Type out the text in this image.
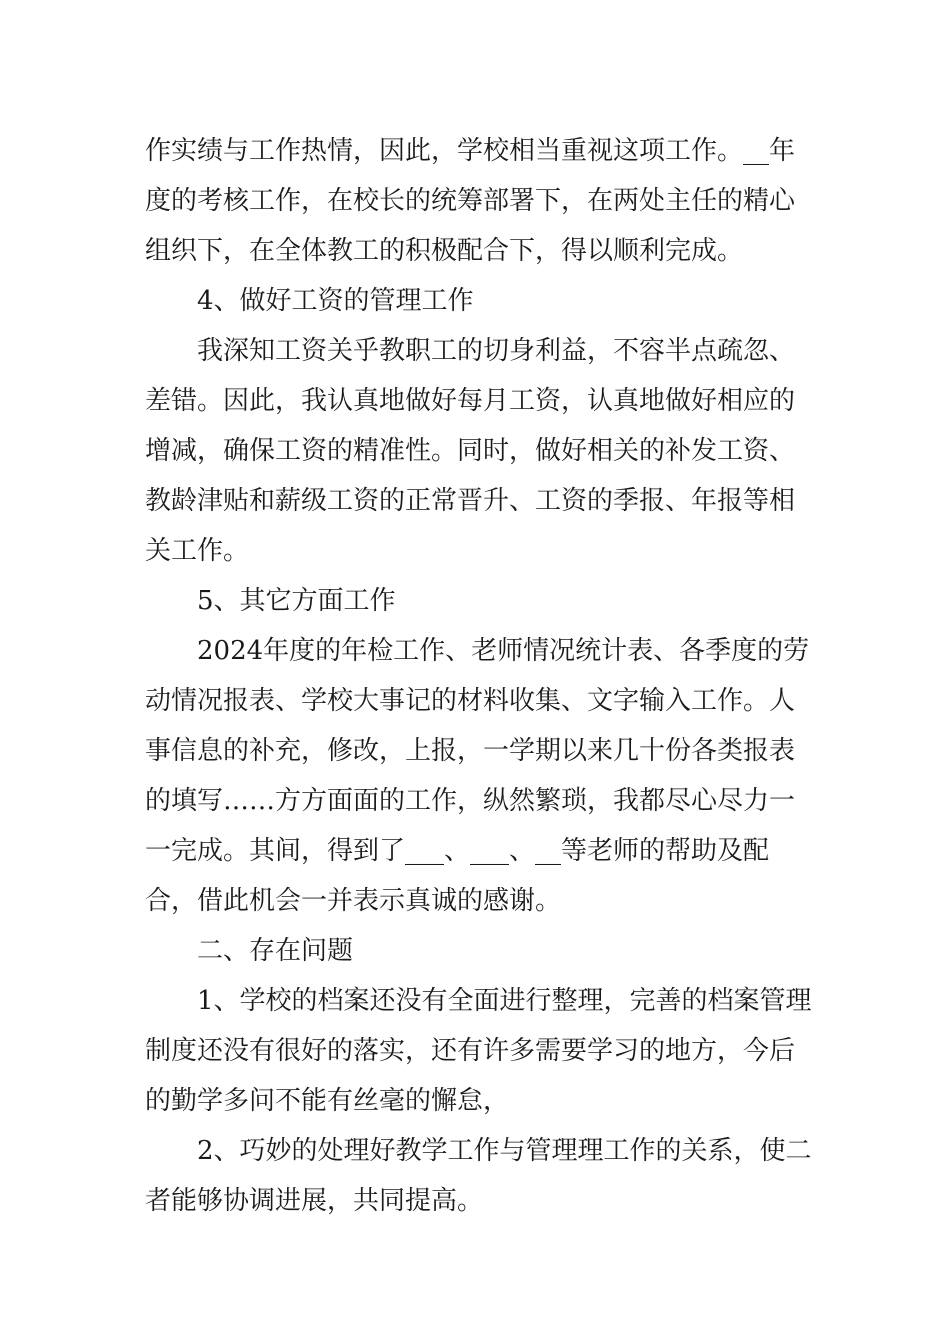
作实绩与工作热情，因此，学校相当重视这项工作。__年度的考核工作，在校长的统筹部署下，在两处主任的精心组织下，在全体教工的积极配合下，得以顺利完成。

4、做好工资的管理工作

我深知工资关乎教职工的切身利益，不容半点疏忽、差错。因此，我认真地做好每月工资，认真地做好相应的增减，确保工资的精准性。同时，做好相关的补发工资、教龄津贴和薪级工资的正常晋升、工资的季报、年报等相关工作。

5、其它方面工作

2024年度的年检工作、老师情况统计表、各季度的劳动情况报表、学校大事记的材料收集、文字输入工作。人事信息的补充，修改，上报，一学期以来几十份各类报表的填写……方方面面的工作，纵然繁琐，我都尽心尽力一一完成。其间，得到了___、___、__等老师的帮助及配合，借此机会一并表示真诚的感谢。

二、存在问题

1、学校的档案还没有全面进行整理，完善的档案管理制度还没有很好的落实，还有许多需要学习的地方，今后的勤学多问不能有丝毫的懈怠，

2、巧妙的处理好教学工作与管理理工作的关系，使二者能够协调进展，共同提高。
